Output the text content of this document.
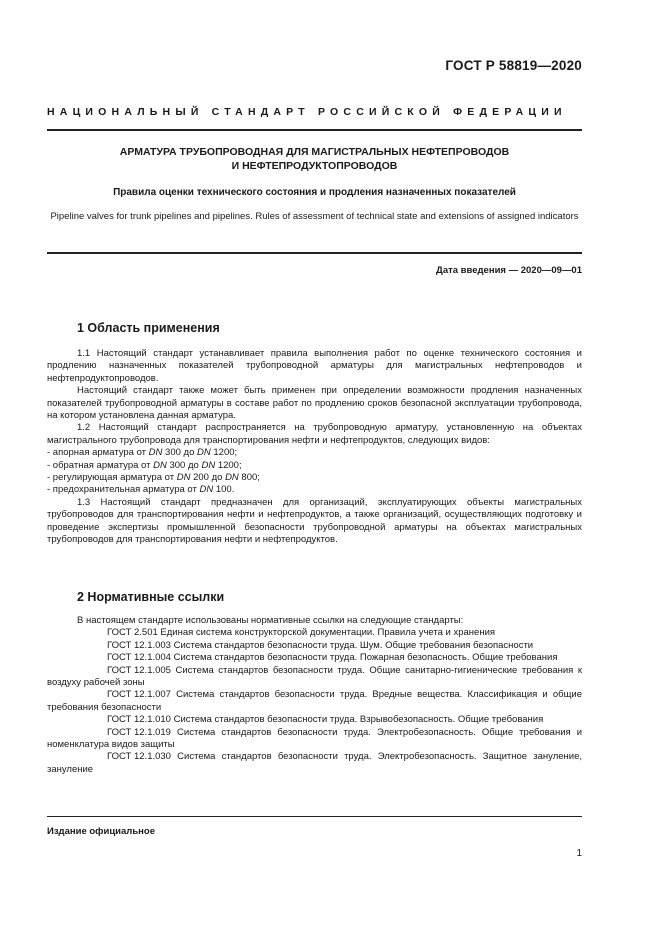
ГОСТ Р 58819—2020
НАЦИОНАЛЬНЫЙ СТАНДАРТ РОССИЙСКОЙ ФЕДЕРАЦИИ
АРМАТУРА ТРУБОПРОВОДНАЯ ДЛЯ МАГИСТРАЛЬНЫХ НЕФТЕПРОВОДОВ
И НЕФТЕПРОДУКТОПРОВОДОВ
Правила оценки технического состояния и продления назначенных показателей
Pipeline valves for trunk pipelines and pipelines. Rules of assessment of technical state and extensions of assigned indicators
Дата введения — 2020—09—01
1 Область применения

1.1 Настоящий стандарт устанавливает правила выполнения работ по оценке технического состояния и продлению назначенных показателей трубопроводной арматуры для магистральных нефтепроводов и нефтепродуктопроводов.

Настоящий стандарт также может быть применен при определении возможности продления назначенных показателей трубопроводной арматуры в составе работ по продлению сроков безопасной эксплуатации трубопровода, на котором установлена данная арматура.

1.2 Настоящий стандарт распространяется на трубопроводную арматуру, установленную на объектах магистрального трубопровода для транспортирования нефти и нефтепродуктов, следующих видов:

- апорная арматура от DN 300 до DN 1200;

- обратная арматура от DN 300 до DN 1200;

- регулирующая арматура от DN 200 до DN 800;

- предохранительная арматура от DN 100.

1.3 Настоящий стандарт предназначен для организаций, эксплуатирующих объекты магистральных трубопроводов для транспортирования нефти и нефтепродуктов, а также организаций, осуществляющих подготовку и проведение экспертизы промышленной безопасности трубопроводной арматуры на объектах магистральных трубопроводов для транспортирования нефти и нефтепродуктов.

2 Нормативные ссылки

В настоящем стандарте использованы нормативные ссылки на следующие стандарты:

ГОСТ 2.501 Единая система конструкторской документации. Правила учета и хранения

ГОСТ 12.1.003 Система стандартов безопасности труда. Шум. Общие требования безопасности

ГОСТ 12.1.004 Система стандартов безопасности труда. Пожарная безопасность. Общие требования

ГОСТ 12.1.005 Система стандартов безопасности труда. Общие санитарно-гигиенические требования к воздуху рабочей зоны

ГОСТ 12.1.007 Система стандартов безопасности труда. Вредные вещества. Классификация и общие требования безопасности

ГОСТ 12.1.010 Система стандартов безопасности труда. Взрывобезопасность. Общие требования

ГОСТ 12.1.019 Система стандартов безопасности труда. Электробезопасность. Общие требования и номенклатура видов защиты

ГОСТ 12.1.030 Система стандартов безопасности труда. Электробезопасность. Защитное зануление, зануление

Издание официальное
1
